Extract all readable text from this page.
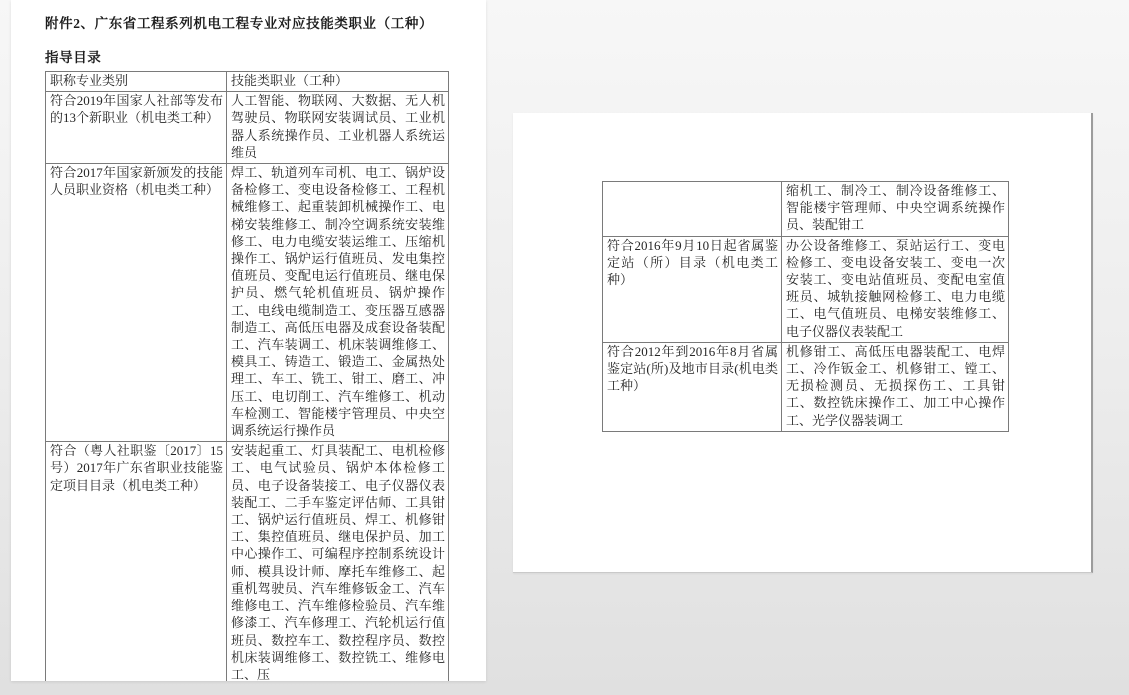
附件2、广东省工程系列机电工程专业对应技能类职业（工种）
指导目录
职称专业类别	技能类职业（工种）
符合2019年国家人社部等发布的13个新职业（机电类工种）	人工智能、物联网、大数据、无人机驾驶员、物联网安装调试员、工业机器人系统操作员、工业机器人系统运维员
符合2017年国家新颁发的技能人员职业资格（机电类工种）	焊工、轨道列车司机、电工、锅炉设备检修工、变电设备检修工、工程机械维修工、起重装卸机械操作工、电梯安装维修工、制冷空调系统安装维修工、电力电缆安装运维工、压缩机操作工、锅炉运行值班员、发电集控值班员、变配电运行值班员、继电保护员、燃气轮机值班员、锅炉操作工、电线电缆制造工、变压器互感器制造工、高低压电器及成套设备装配工、汽车装调工、机床装调维修工、模具工、铸造工、锻造工、金属热处理工、车工、铣工、钳工、磨工、冲压工、电切削工、汽车维修工、机动车检测工、智能楼宇管理员、中央空调系统运行操作员
符合（粤人社职鉴〔2017〕15号）2017年广东省职业技能鉴定项目目录（机电类工种）	安装起重工、灯具装配工、电机检修工、电气试验员、锅炉本体检修工员、电子设备装接工、电子仪器仪表装配工、二手车鉴定评估师、工具钳工、锅炉运行值班员、焊工、机修钳工、集控值班员、继电保护员、加工中心操作工、可编程序控制系统设计师、模具设计师、摩托车维修工、起重机驾驶员、汽车维修钣金工、汽车维修电工、汽车维修检验员、汽车维修漆工、汽车修理工、汽轮机运行值班员、数控车工、数控程序员、数控机床装调维修工、数控铣工、维修电工、压
	缩机工、制冷工、制冷设备维修工、智能楼宇管理师、中央空调系统操作员、装配钳工
符合2016年9月10日起省属鉴定站（所）目录（机电类工种）	办公设备维修工、泵站运行工、变电检修工、变电设备安装工、变电一次安装工、变电站值班员、变配电室值班员、城轨接触网检修工、电力电缆工、电气值班员、电梯安装维修工、电子仪器仪表装配工
符合2012年到2016年8月省属鉴定站(所)及地市目录(机电类工种）	机修钳工、高低压电器装配工、电焊工、冷作钣金工、机修钳工、镗工、无损检测员、无损探伤工、工具钳工、数控铣床操作工、加工中心操作工、光学仪器装调工
